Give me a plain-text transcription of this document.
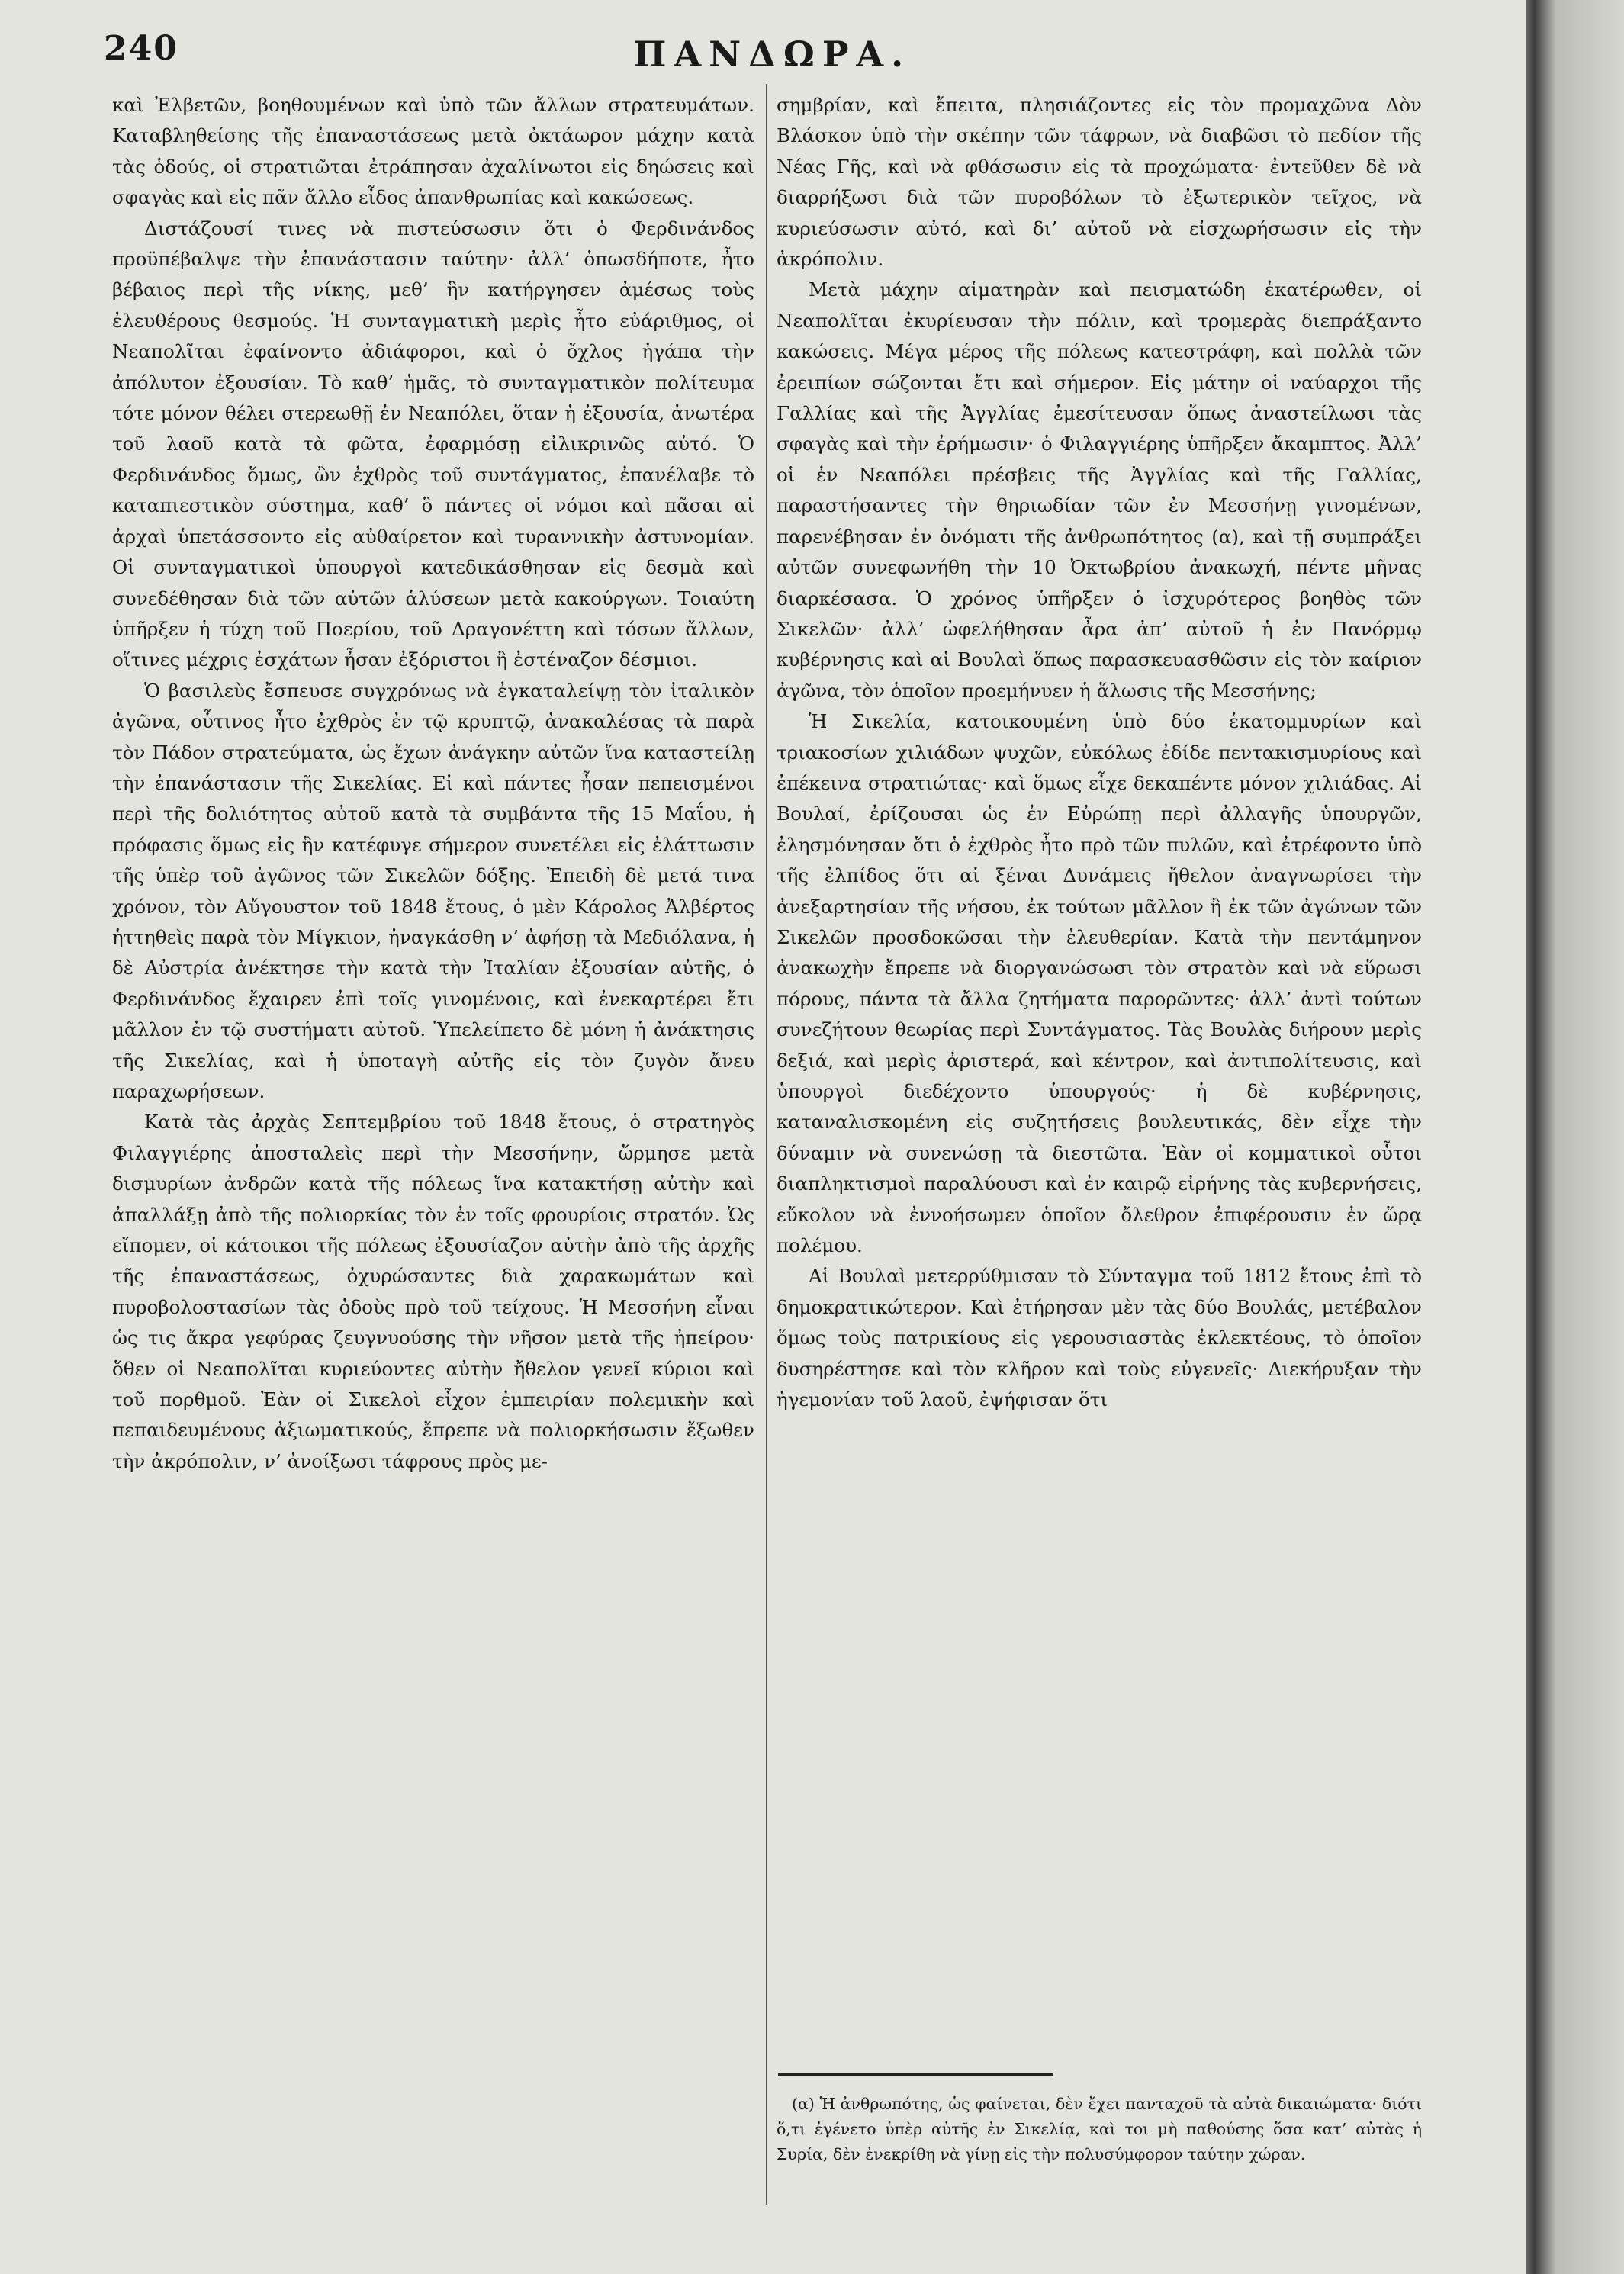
240	ΠΑΝΔΩΡΑ.

καὶ Ἐλβετῶν, βοηθουμένων καὶ ὑπὸ τῶν ἄλλων στρατευμάτων. Καταβληθείσης τῆς ἐπαναστάσεως μετὰ ὀκτάωρον μάχην κατὰ τὰς ὁδούς, οἱ στρατιῶται ἐτράπησαν ἀχαλίνωτοι εἰς δηώσεις καὶ σφαγὰς καὶ εἰς πᾶν ἄλλο εἶδος ἀπανθρωπίας καὶ κακώσεως.

Διστάζουσί τινες νὰ πιστεύσωσιν ὅτι ὁ Φερδινάνδος προϋπέβαλψε τὴν ἐπανάστασιν ταύτην· ἀλλ’ ὁπωσδήποτε, ἦτο βέβαιος περὶ τῆς νίκης, μεθ’ ἣν κατήργησεν ἀμέσως τοὺς ἐλευθέρους θεσμούς. Ἡ συνταγματικὴ μερὶς ἦτο εὐάριθμος, οἱ Νεαπολῖται ἐφαίνοντο ἀδιάφοροι, καὶ ὁ ὄχλος ἠγάπα τὴν ἀπόλυτον ἐξουσίαν. Τὸ καθ’ ἡμᾶς, τὸ συνταγματικὸν πολίτευμα τότε μόνον θέλει στερεωθῇ ἐν Νεαπόλει, ὅταν ἡ ἐξουσία, ἀνωτέρα τοῦ λαοῦ κατὰ τὰ φῶτα, ἐφαρμόσῃ εἰλικρινῶς αὐτό. Ὁ Φερδινάνδος ὅμως, ὢν ἐχθρὸς τοῦ συντάγματος, ἐπανέλαβε τὸ καταπιεστικὸν σύστημα, καθ’ ὃ πάντες οἱ νόμοι καὶ πᾶσαι αἱ ἀρχαὶ ὑπετάσσοντο εἰς αὐθαίρετον καὶ τυραννικὴν ἀστυνομίαν. Οἱ συνταγματικοὶ ὑπουργοὶ κατεδικάσθησαν εἰς δεσμὰ καὶ συνεδέθησαν διὰ τῶν αὐτῶν ἁλύσεων μετὰ κακούργων. Τοιαύτη ὑπῆρξεν ἡ τύχη τοῦ Ποερίου, τοῦ Δραγονέττη καὶ τόσων ἄλλων, οἵτινες μέχρις ἐσχάτων ἦσαν ἐξόριστοι ἢ ἐστέναζον δέσμιοι.

Ὁ βασιλεὺς ἔσπευσε συγχρόνως νὰ ἐγκαταλείψῃ τὸν ἰταλικὸν ἀγῶνα, οὗτινος ἦτο ἐχθρὸς ἐν τῷ κρυπτῷ, ἀνακαλέσας τὰ παρὰ τὸν Πάδον στρατεύματα, ὡς ἔχων ἀνάγκην αὐτῶν ἵνα καταστείλῃ τὴν ἐπανάστασιν τῆς Σικελίας. Εἰ καὶ πάντες ἦσαν πεπεισμένοι περὶ τῆς δολιότητος αὐτοῦ κατὰ τὰ συμβάντα τῆς 15 Μαΐου, ἡ πρόφασις ὅμως εἰς ἣν κατέφυγε σήμερον συνετέλει εἰς ἐλάττωσιν τῆς ὑπὲρ τοῦ ἀγῶνος τῶν Σικελῶν δόξης. Ἐπειδὴ δὲ μετά τινα χρόνον, τὸν Αὔγουστον τοῦ 1848 ἔτους, ὁ μὲν Κάρολος Ἀλβέρτος ἡττηθεὶς παρὰ τὸν Μίγκιον, ἠναγκάσθη ν’ ἀφήσῃ τὰ Μεδιόλανα, ἡ δὲ Αὐστρία ἀνέκτησε τὴν κατὰ τὴν Ἰταλίαν ἐξουσίαν αὐτῆς, ὁ Φερδινάνδος ἔχαιρεν ἐπὶ τοῖς γινομένοις, καὶ ἐνεκαρτέρει ἔτι μᾶλλον ἐν τῷ συστήματι αὐτοῦ. Ὑπελείπετο δὲ μόνη ἡ ἀνάκτησις τῆς Σικελίας, καὶ ἡ ὑποταγὴ αὐτῆς εἰς τὸν ζυγὸν ἄνευ παραχωρήσεων.

Κατὰ τὰς ἀρχὰς Σεπτεμβρίου τοῦ 1848 ἔτους, ὁ στρατηγὸς Φιλαγγιέρης ἀποσταλεὶς περὶ τὴν Μεσσήνην, ὥρμησε μετὰ δισμυρίων ἀνδρῶν κατὰ τῆς πόλεως ἵνα κατακτήσῃ αὐτὴν καὶ ἀπαλλάξῃ ἀπὸ τῆς πολιορκίας τὸν ἐν τοῖς φρουρίοις στρατόν. Ὡς εἴπομεν, οἱ κάτοικοι τῆς πόλεως ἐξουσίαζον αὐτὴν ἀπὸ τῆς ἀρχῆς τῆς ἐπαναστάσεως, ὀχυρώσαντες διὰ χαρακωμάτων καὶ πυροβολοστασίων τὰς ὁδοὺς πρὸ τοῦ τείχους. Ἡ Μεσσήνη εἶναι ὡς τις ἄκρα γεφύρας ζευγνυούσης τὴν νῆσον μετὰ τῆς ἠπείρου· ὅθεν οἱ Νεαπολῖται κυριεύοντες αὐτὴν ἤθελον γενεῖ κύριοι καὶ τοῦ πορθμοῦ. Ἐὰν οἱ Σικελοὶ εἶχον ἐμπειρίαν πολεμικὴν καὶ πεπαιδευμένους ἀξιωματικούς, ἔπρεπε νὰ πολιορκήσωσιν ἔξωθεν τὴν ἀκρόπολιν, ν’ ἀνοίξωσι τάφρους πρὸς με-

σημβρίαν, καὶ ἔπειτα, πλησιάζοντες εἰς τὸν προμαχῶνα Δὸν Βλάσκον ὑπὸ τὴν σκέπην τῶν τάφρων, νὰ διαβῶσι τὸ πεδίον τῆς Νέας Γῆς, καὶ νὰ φθάσωσιν εἰς τὰ προχώματα· ἐντεῦθεν δὲ νὰ διαρρήξωσι διὰ τῶν πυροβόλων τὸ ἐξωτερικὸν τεῖχος, νὰ κυριεύσωσιν αὐτό, καὶ δι’ αὐτοῦ νὰ εἰσχωρήσωσιν εἰς τὴν ἀκρόπολιν.

Μετὰ μάχην αἱματηρὰν καὶ πεισματώδη ἑκατέρωθεν, οἱ Νεαπολῖται ἐκυρίευσαν τὴν πόλιν, καὶ τρομερὰς διεπράξαντο κακώσεις. Μέγα μέρος τῆς πόλεως κατεστράφη, καὶ πολλὰ τῶν ἐρειπίων σώζονται ἔτι καὶ σήμερον. Εἰς μάτην οἱ ναύαρχοι τῆς Γαλλίας καὶ τῆς Ἀγγλίας ἐμεσίτευσαν ὅπως ἀναστείλωσι τὰς σφαγὰς καὶ τὴν ἐρήμωσιν· ὁ Φιλαγγιέρης ὑπῆρξεν ἄκαμπτος. Ἀλλ’ οἱ ἐν Νεαπόλει πρέσβεις τῆς Ἀγγλίας καὶ τῆς Γαλλίας, παραστήσαντες τὴν θηριωδίαν τῶν ἐν Μεσσήνῃ γινομένων, παρενέβησαν ἐν ὀνόματι τῆς ἀνθρωπότητος (α), καὶ τῇ συμπράξει αὐτῶν συνεφωνήθη τὴν 10 Ὀκτωβρίου ἀνακωχή, πέντε μῆνας διαρκέσασα. Ὁ χρόνος ὑπῆρξεν ὁ ἰσχυρότερος βοηθὸς τῶν Σικελῶν· ἀλλ’ ὠφελήθησαν ἆρα ἀπ’ αὐτοῦ ἡ ἐν Πανόρμῳ κυβέρνησις καὶ αἱ Βουλαὶ ὅπως παρασκευασθῶσιν εἰς τὸν καίριον ἀγῶνα, τὸν ὁποῖον προεμήνυεν ἡ ἅλωσις τῆς Μεσσήνης;

Ἡ Σικελία, κατοικουμένη ὑπὸ δύο ἑκατομμυρίων καὶ τριακοσίων χιλιάδων ψυχῶν, εὐκόλως ἐδίδε πεντακισμυρίους καὶ ἐπέκεινα στρατιώτας· καὶ ὅμως εἶχε δεκαπέντε μόνον χιλιάδας. Αἱ Βουλαί, ἐρίζουσαι ὡς ἐν Εὐρώπῃ περὶ ἀλλαγῆς ὑπουργῶν, ἐλησμόνησαν ὅτι ὁ ἐχθρὸς ἦτο πρὸ τῶν πυλῶν, καὶ ἐτρέφοντο ὑπὸ τῆς ἐλπίδος ὅτι αἱ ξέναι Δυνάμεις ἤθελον ἀναγνωρίσει τὴν ἀνεξαρτησίαν τῆς νήσου, ἐκ τούτων μᾶλλον ἢ ἐκ τῶν ἀγώνων τῶν Σικελῶν προσδοκῶσαι τὴν ἐλευθερίαν. Κατὰ τὴν πεντάμηνον ἀνακωχὴν ἔπρεπε νὰ διοργανώσωσι τὸν στρατὸν καὶ νὰ εὕρωσι πόρους, πάντα τὰ ἄλλα ζητήματα παρορῶντες· ἀλλ’ ἀντὶ τούτων συνεζήτουν θεωρίας περὶ Συντάγματος. Τὰς Βουλὰς διήρουν μερὶς δεξιά, καὶ μερὶς ἀριστερά, καὶ κέντρον, καὶ ἀντιπολίτευσις, καὶ ὑπουργοὶ διεδέχοντο ὑπουργούς· ἡ δὲ κυβέρνησις, καταναλισκομένη εἰς συζητήσεις βουλευτικάς, δὲν εἶχε τὴν δύναμιν νὰ συνενώσῃ τὰ διεστῶτα. Ἐὰν οἱ κομματικοὶ οὗτοι διαπληκτισμοὶ παραλύουσι καὶ ἐν καιρῷ εἰρήνης τὰς κυβερνήσεις, εὔκολον νὰ ἐννοήσωμεν ὁποῖον ὄλεθρον ἐπιφέρουσιν ἐν ὥρᾳ πολέμου.

Αἱ Βουλαὶ μετερρύθμισαν τὸ Σύνταγμα τοῦ 1812 ἔτους ἐπὶ τὸ δημοκρατικώτερον. Καὶ ἐτήρησαν μὲν τὰς δύο Βουλάς, μετέβαλον ὅμως τοὺς πατρικίους εἰς γερουσιαστὰς ἐκλεκτέους, τὸ ὁποῖον δυσηρέστησε καὶ τὸν κλῆρον καὶ τοὺς εὐγενεῖς· Διεκήρυξαν τὴν ἡγεμονίαν τοῦ λαοῦ, ἐψήφισαν ὅτι

(α) Ἡ ἀνθρωπότης, ὡς φαίνεται, δὲν ἔχει πανταχοῦ τὰ αὐτὰ δικαιώματα· διότι ὅ,τι ἐγένετο ὑπὲρ αὐτῆς ἐν Σικελίᾳ, καὶ τοι μὴ παθούσης ὅσα κατ’ αὐτὰς ἡ Συρία, δὲν ἐνεκρίθη νὰ γίνῃ εἰς τὴν πολυσύμφορον ταύτην χώραν.
